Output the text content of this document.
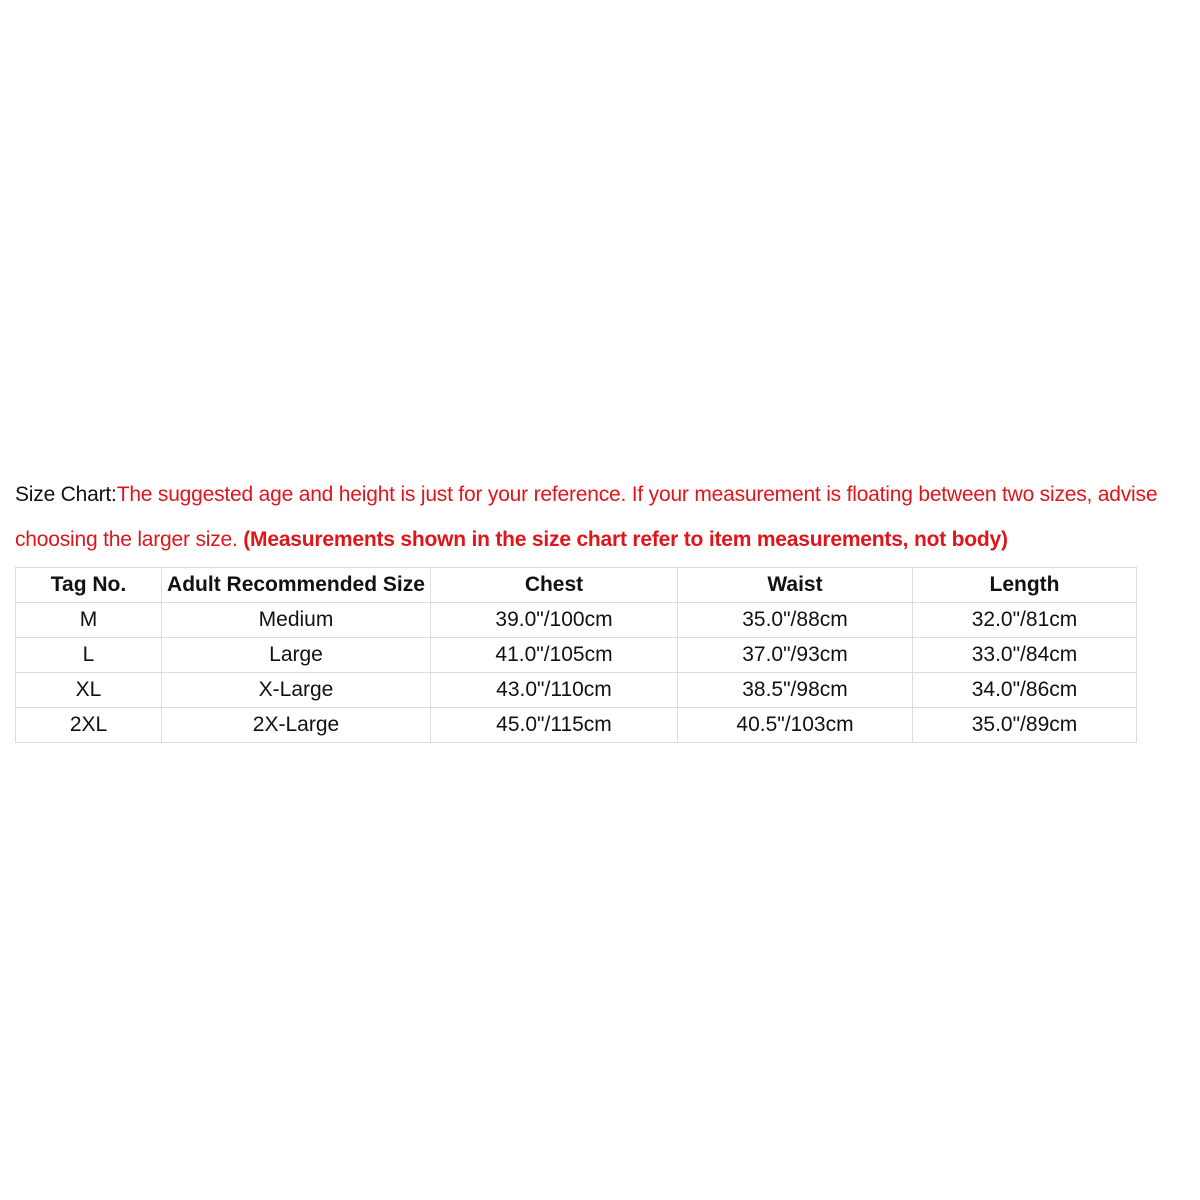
Size Chart:The suggested age and height is just for your reference. If your measurement is floating between two sizes, advise choosing the larger size. (Measurements shown in the size chart refer to item measurements, not body)
Tag No.	Adult Recommended Size	Chest	Waist	Length
M	Medium	39.0"/100cm	35.0"/88cm	32.0"/81cm
L	Large	41.0"/105cm	37.0"/93cm	33.0"/84cm
XL	X-Large	43.0"/110cm	38.5"/98cm	34.0"/86cm
2XL	2X-Large	45.0"/115cm	40.5"/103cm	35.0"/89cm
